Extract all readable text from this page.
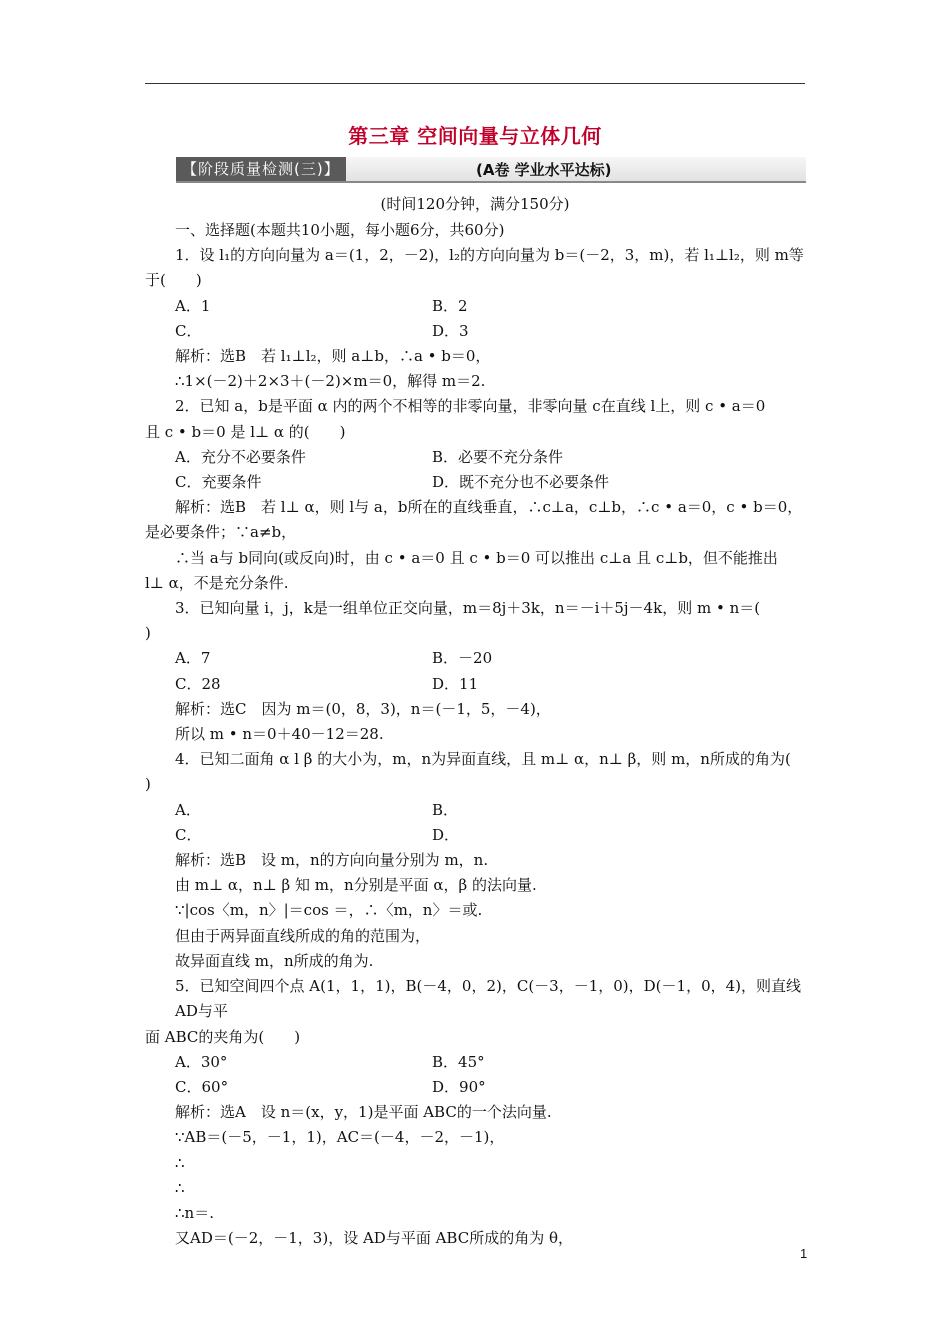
第三章 空间向量与立体几何
【阶段质量检测(三)】	(A卷 学业水平达标)
(时间120分钟，满分150分)

一、选择题(本题共10小题，每小题6分，共60分)

1．设 l₁的方向向量为 a＝(1，2，－2)，l₂的方向向量为 b＝(－2，3，m)，若 l₁⊥l₂，则 m等

于(　　)

A．1	B．2
C．	D．3

解析：选B　若 l₁⊥l₂，则 a⊥b，∴a • b＝0，

∴1×(－2)＋2×3＋(－2)×m＝0，解得 m＝2.

2．已知 a，b是平面 α 内的两个不相等的非零向量，非零向量 c在直线 l上，则 c • a＝0

且 c • b＝0 是 l⊥ α 的(　　)

A．充分不必要条件	B．必要不充分条件
C．充要条件	D．既不充分也不必要条件

解析：选B　若 l⊥ α，则 l与 a，b所在的直线垂直，∴c⊥a，c⊥b，∴c • a＝0，c • b＝0，

是必要条件；∵a≠b，

∴当 a与 b同向(或反向)时，由 c • a＝0 且 c • b＝0 可以推出 c⊥a 且 c⊥b，但不能推出

l⊥ α，不是充分条件.

3．已知向量 i，j，k是一组单位正交向量，m＝8j＋3k，n＝－i＋5j－4k，则 m • n＝(

)

A．7	B．－20
C．28	D．11

解析：选C　因为 m＝(0，8，3)，n＝(－1，5，－4)，

所以 m • n＝0＋40－12＝28.

4．已知二面角 α l β 的大小为，m，n为异面直线，且 m⊥ α，n⊥ β，则 m，n所成的角为(

)

A．	B．
C．	D．

解析：选B　设 m，n的方向向量分别为 m，n.

由 m⊥ α，n⊥ β 知 m，n分别是平面 α，β 的法向量.

∵|cos〈m，n〉|＝cos ＝，∴〈m，n〉＝或.

但由于两异面直线所成的角的范围为，

故异面直线 m，n所成的角为.

5．已知空间四个点 A(1，1，1)，B(－4，0，2)，C(－3，－1，0)，D(－1，0，4)，则直线 AD与平

面 ABC的夹角为(　　)

A．30°	B．45°
C．60°	D．90°

解析：选A　设 n＝(x，y，1)是平面 ABC的一个法向量.

∵AB＝(－5，－1，1)，AC＝(－4，－2，－1)，

∴

∴

∴n＝.

又AD＝(－2，－1，3)，设 AD与平面 ABC所成的角为 θ，

1
